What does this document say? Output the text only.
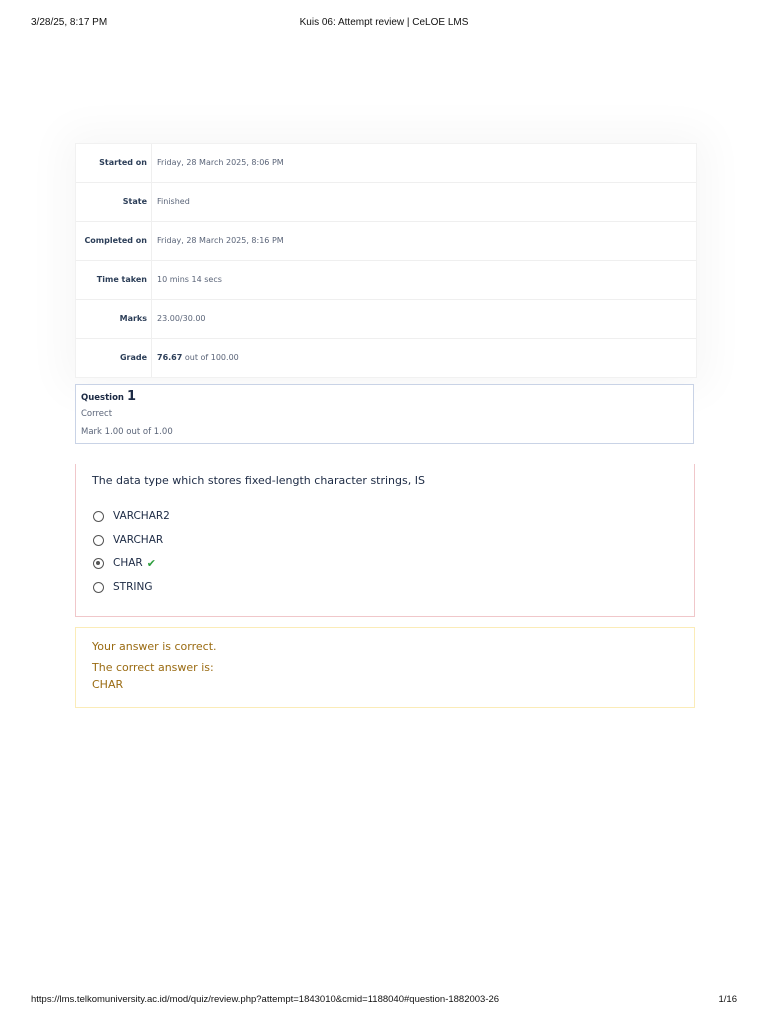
3/28/25, 8:17 PM	Kuis 06: Attempt review | CeLOE LMS
Started on	Friday, 28 March 2025, 8:06 PM
State	Finished
Completed on	Friday, 28 March 2025, 8:16 PM
Time taken	10 mins 14 secs
Marks	23.00/30.00
Grade	76.67 out of 100.00
Question 1
Correct
Mark 1.00 out of 1.00
The data type which stores fixed-length character strings, IS
VARCHAR2
VARCHAR
CHAR ✔
STRING
Your answer is correct.
The correct answer is:
CHAR
https://lms.telkomuniversity.ac.id/mod/quiz/review.php?attempt=1843010&cmid=1188040#question-1882003-26	1/16
